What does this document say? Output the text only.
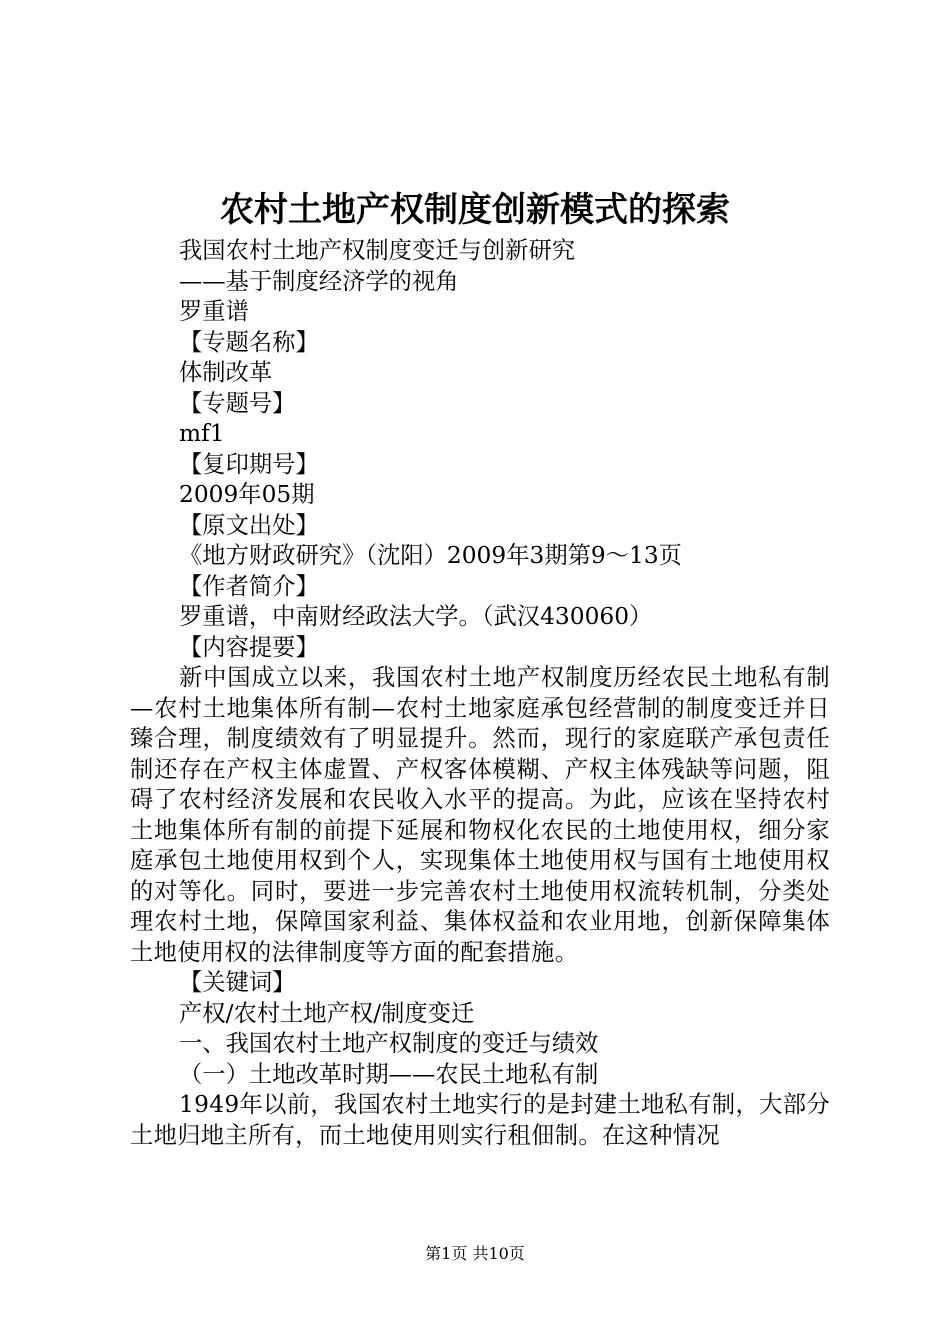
农村土地产权制度创新模式的探索

我国农村土地产权制度变迁与创新研究

——基于制度经济学的视角

罗重谱

【专题名称】

体制改革

【专题号】

mf1

【复印期号】

2009年05期

【原文出处】

《地方财政研究》（沈阳）2009年3期第9～13页

【作者简介】

罗重谱，中南财经政法大学。（武汉430060）

【内容提要】

新中国成立以来，我国农村土地产权制度历经农民土地私有制—农村土地集体所有制—农村土地家庭承包经营制的制度变迁并日臻合理，制度绩效有了明显提升。然而，现行的家庭联产承包责任制还存在产权主体虚置、产权客体模糊、产权主体残缺等问题，阻碍了农村经济发展和农民收入水平的提高。为此，应该在坚持农村土地集体所有制的前提下延展和物权化农民的土地使用权，细分家庭承包土地使用权到个人，实现集体土地使用权与国有土地使用权的对等化。同时，要进一步完善农村土地使用权流转机制，分类处理农村土地，保障国家利益、集体权益和农业用地，创新保障集体土地使用权的法律制度等方面的配套措施。

【关键词】

产权/农村土地产权/制度变迁

一、我国农村土地产权制度的变迁与绩效

（一）土地改革时期——农民土地私有制

1949年以前，我国农村土地实行的是封建土地私有制，大部分土地归地主所有，而土地使用则实行租佃制。在这种情况

第1页 共10页
